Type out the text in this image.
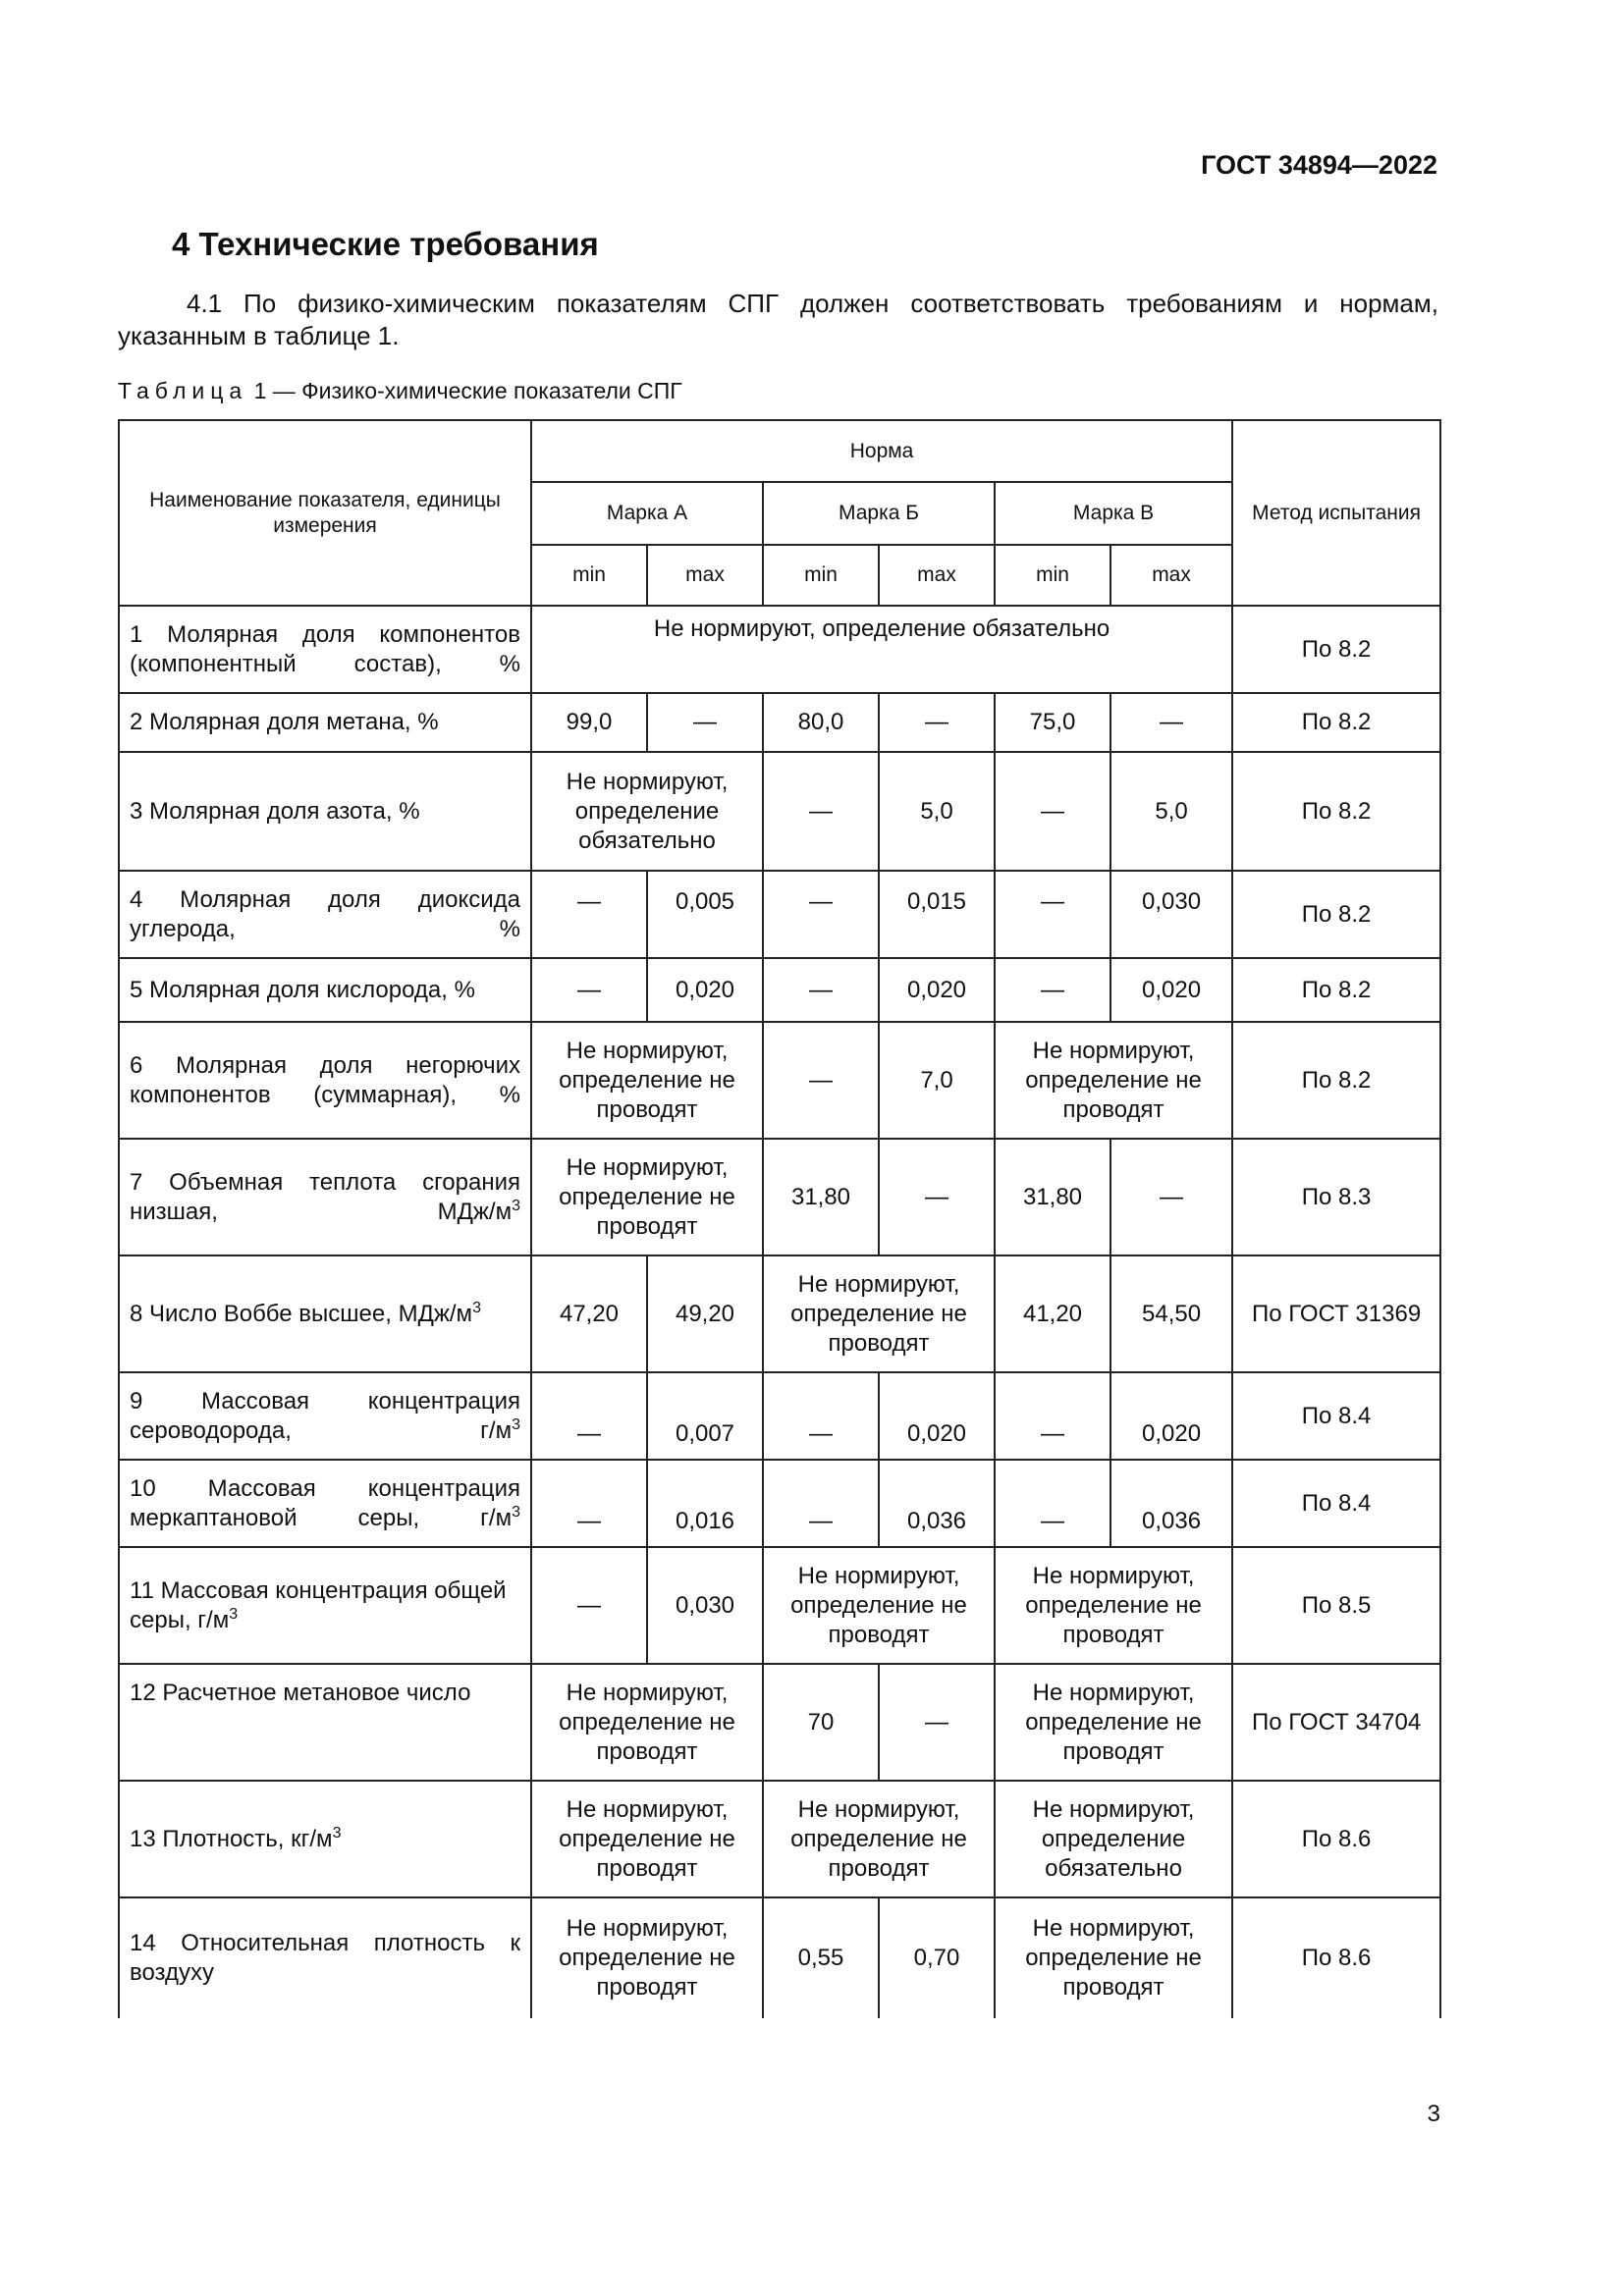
ГОСТ 34894—2022
4 Технические требования
4.1 По физико-химическим показателям СПГ должен соответствовать требованиям и нормам, указанным в таблице 1.
Таблица 1 — Физико-химические показатели СПГ
Наименование показателя, единицы измерения	Норма						Метод испытания
	Марка А		Марка Б		Марка В		
	min	max	min	max	min	max	
1 Молярная доля компонентов (компонентный состав), %	Не нормируют, определение обязательно						По 8.2
2 Молярная доля метана, %	99,0	—	80,0	—	75,0	—	По 8.2
3 Молярная доля азота, %	Не нормируют, определение обязательно		—	5,0	—	5,0	По 8.2
4 Молярная доля диоксида углерода, %	—	0,005	—	0,015	—	0,030	По 8.2
5 Молярная доля кислорода, %	—	0,020	—	0,020	—	0,020	По 8.2
6 Молярная доля негорючих компонентов (суммарная), %	Не нормируют, определение не проводят		—	7,0	Не нормируют, определение не проводят		По 8.2
7 Объемная теплота сгорания низшая, МДж/$м^3$	Не нормируют, определение не проводят		31,80	—	31,80	—	По 8.3
8 Число Воббе высшее, МДж/$м^3$	47,20	49,20	Не нормируют, определение не проводят		41,20	54,50	По ГОСТ 31369
9 Массовая концентрация сероводорода, $г/м^3$	—	0,007	—	0,020	—	0,020	По 8.4
10 Массовая концентрация меркаптановой серы, $г/м^3$	—	0,016	—	0,036	—	0,036	По 8.4
11 Массовая концентрация общей серы, $г/м^3$	—	0,030	Не нормируют, определение не проводят		Не нормируют, определение не проводят		По 8.5
12 Расчетное метановое число	Не нормируют, определение не проводят		70	—	Не нормируют, определение не проводят		По ГОСТ 34704
13 Плотность, $кг/м^3$	Не нормируют, определение не проводят		Не нормируют, определение не проводят		Не нормируют, определение обязательно		По 8.6
14 Относительная плотность к воздуху	Не нормируют, определение не проводят		0,55	0,70	Не нормируют, определение не проводят		По 8.6
3
